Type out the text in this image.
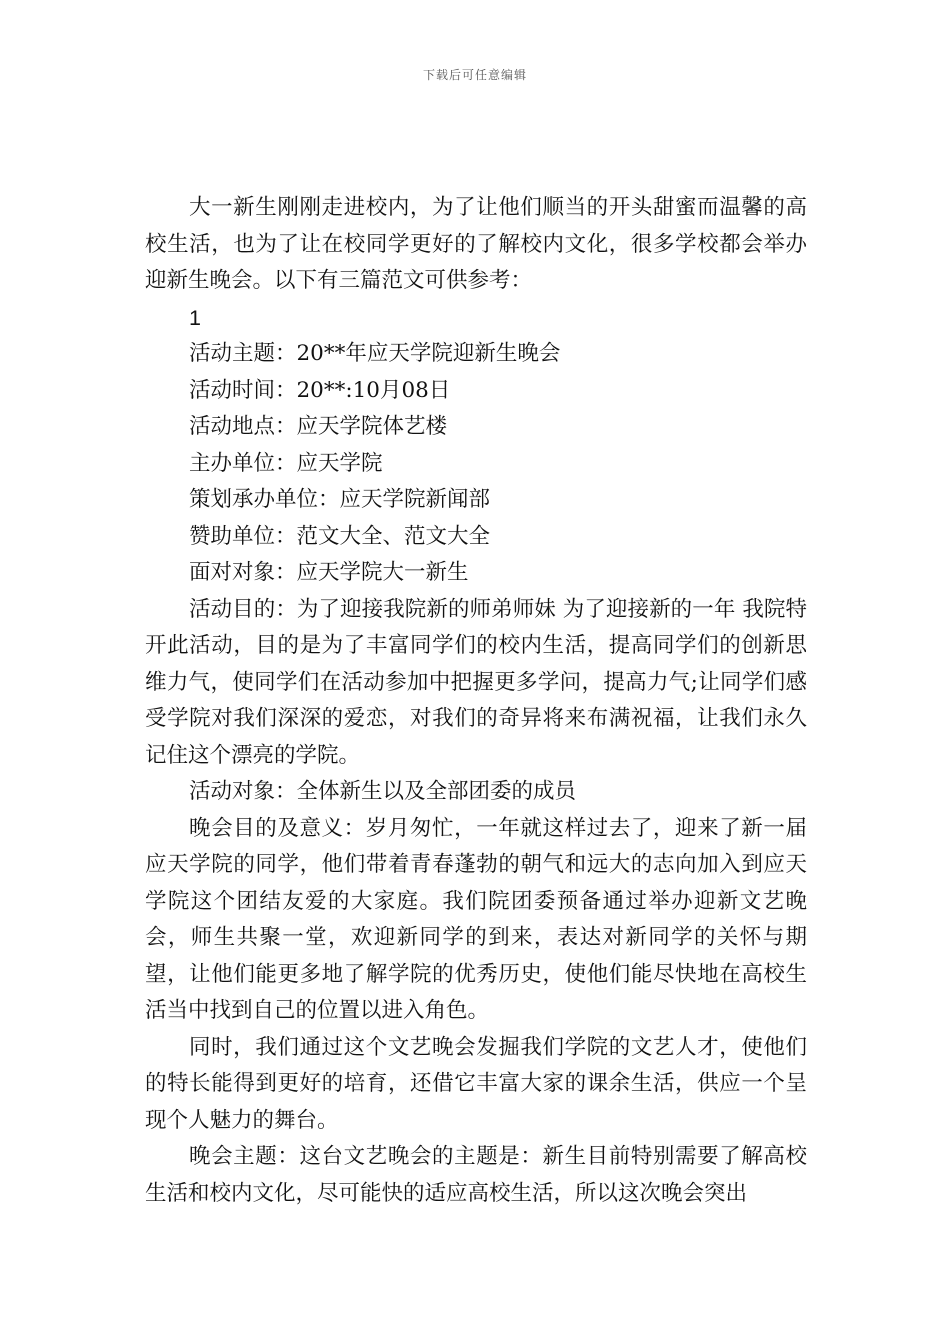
下载后可任意编辑

大一新生刚刚走进校内，为了让他们顺当的开头甜蜜而温馨的高校生活，也为了让在校同学更好的了解校内文化，很多学校都会举办迎新生晚会。以下有三篇范文可供参考：

1

活动主题：20**年应天学院迎新生晚会

活动时间：20**:10月08日

活动地点：应天学院体艺楼

主办单位：应天学院

策划承办单位：应天学院新闻部

赞助单位：范文大全、范文大全

面对对象：应天学院大一新生

活动目的：为了迎接我院新的师弟师妹 为了迎接新的一年 我院特开此活动，目的是为了丰富同学们的校内生活，提高同学们的创新思维力气，使同学们在活动参加中把握更多学问，提高力气;让同学们感受学院对我们深深的爱恋，对我们的奇异将来布满祝福，让我们永久记住这个漂亮的学院。

活动对象：全体新生以及全部团委的成员

晚会目的及意义：岁月匆忙，一年就这样过去了，迎来了新一届应天学院的同学，他们带着青春蓬勃的朝气和远大的志向加入到应天学院这个团结友爱的大家庭。我们院团委预备通过举办迎新文艺晚会，师生共聚一堂，欢迎新同学的到来，表达对新同学的关怀与期望，让他们能更多地了解学院的优秀历史，使他们能尽快地在高校生活当中找到自己的位置以进入角色。

同时，我们通过这个文艺晚会发掘我们学院的文艺人才，使他们的特长能得到更好的培育，还借它丰富大家的课余生活，供应一个呈现个人魅力的舞台。

晚会主题：这台文艺晚会的主题是：新生目前特别需要了解高校生活和校内文化，尽可能快的适应高校生活，所以这次晚会突出
